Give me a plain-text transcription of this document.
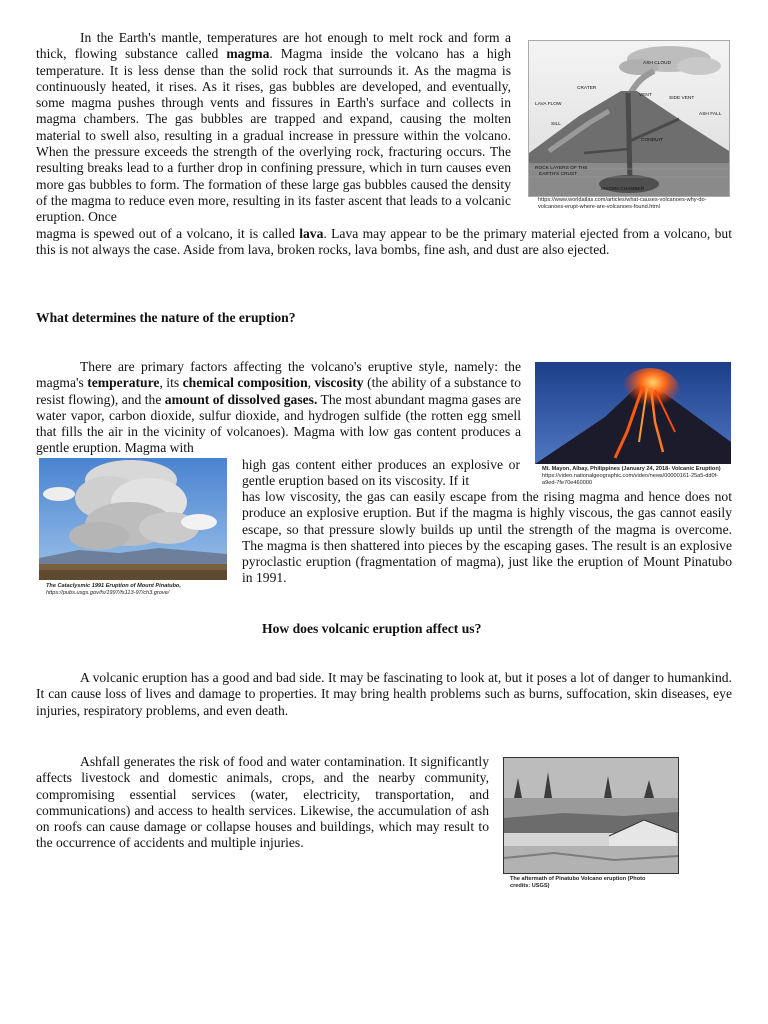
In the Earth's mantle, temperatures are hot enough to melt rock and form a thick, flowing substance called magma. Magma inside the volcano has a high temperature. It is less dense than the solid rock that surrounds it. As the magma is continuously heated, it rises. As it rises, gas bubbles are developed, and eventually, some magma pushes through vents and fissures in Earth's surface and collects in magma chambers. The gas bubbles are trapped and expand, causing the molten material to swell also, resulting in a gradual increase in pressure within the volcano. When the pressure exceeds the strength of the overlying rock, fracturing occurs. The resulting breaks lead to a further drop in confining pressure, which in turn causes even more gas bubbles to form. The formation of these large gas bubbles caused the density of the magma to reduce even more, resulting in its faster ascent that leads to a volcanic eruption. Once
magma is spewed out of a volcano, it is called lava. Lava may appear to be the primary material ejected from a volcano, but this is not always the case. Aside from lava, broken rocks, lava bombs, fine ash, and dust are also ejected.
ASH CLOUD
CRATER
VENT
SIDE VENT
LAVA FLOW
ASH FALL
SILL
CONDUIT
ROCK LAYERS OF THE
EARTH'S CRUST
MAGMA CHAMBER
https://www.worldatlas.com/articles/what-causes-volcanoes-why-do-volcanoes-erupt-where-are-volcanoes-found.html
What determines the nature of the eruption?
There are primary factors affecting the volcano's eruptive style, namely: the magma's temperature, its chemical composition, viscosity (the ability of a substance to resist flowing), and the amount of dissolved gases. The most abundant magma gases are water vapor, carbon dioxide, sulfur dioxide, and hydrogen sulfide (the rotten egg smell that fills the air in the vicinity of volcanoes). Magma with low gas content produces a gentle eruption. Magma with
high gas content either produces an explosive or gentle eruption based on its viscosity. If it
has low viscosity, the gas can easily escape from the rising magma and hence does not produce an explosive eruption. But if the magma is highly viscous, the gas cannot easily escape, so that pressure slowly builds up until the strength of the magma is overcome. The magma is then shattered into pieces by the escaping gases. The result is an explosive pyroclastic eruption (fragmentation of magma), just like the eruption of Mount Pinatubo in 1991.
Mt. Mayon, Albay, Philippines (January 24, 2018- Volcanic Eruption)
https://video.nationalgeographic.com/video/news/00000161-25a5-dd0f-a9ed-7fe70e460000
The Cataclysmic 1991 Eruption of Mount Pinatubo,
https://pubs.usgs.gov/fs/1997/fs113-97/ch3.grove/
How does volcanic eruption affect us?
A volcanic eruption has a good and bad side. It may be fascinating to look at, but it poses a lot of danger to humankind. It can cause loss of lives and damage to properties. It may bring health problems such as burns, suffocation, skin diseases, eye injuries, respiratory problems, and even death.
Ashfall generates the risk of food and water contamination. It significantly affects livestock and domestic animals, crops, and the nearby community, compromising essential services (water, electricity, transportation, and communications) and access to health services. Likewise, the accumulation of ash on roofs can cause damage or collapse houses and buildings, which may result to the occurrence of accidents and multiple injuries.
The aftermath of Pinatubo Volcano eruption (Photo
credits: USGS)
